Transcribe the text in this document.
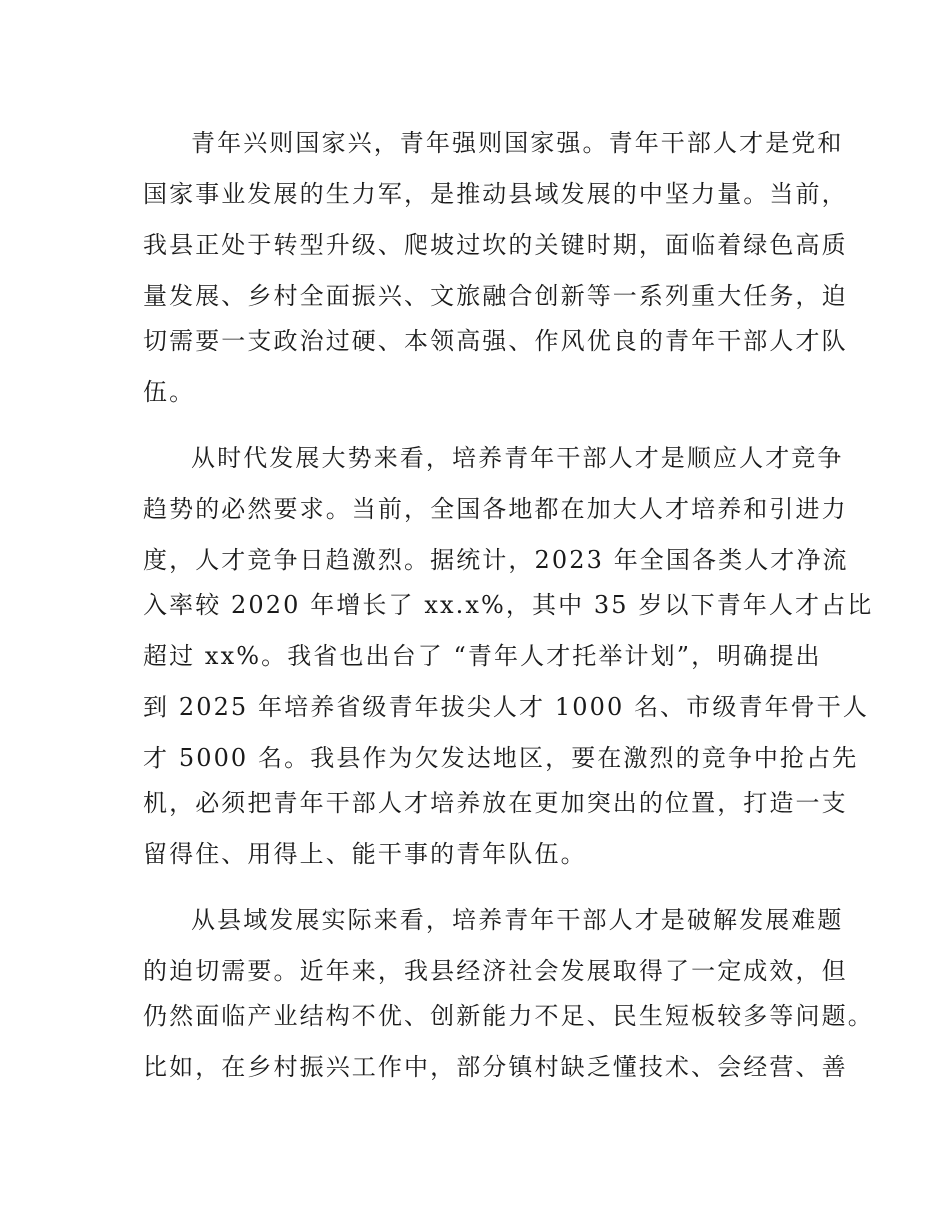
青年兴则国家兴，青年强则国家强。青年干部人才是党和
国家事业发展的生力军，是推动县域发展的中坚力量。当前，
我县正处于转型升级、爬坡过坎的关键时期，面临着绿色高质
量发展、乡村全面振兴、文旅融合创新等一系列重大任务，迫
切需要一支政治过硬、本领高强、作风优良的青年干部人才队
伍。
从时代发展大势来看，培养青年干部人才是顺应人才竞争
趋势的必然要求。当前，全国各地都在加大人才培养和引进力
度，人才竞争日趋激烈。据统计，2023 年全国各类人才净流
入率较 2020 年增长了 xx.x%，其中 35 岁以下青年人才占比
超过 xx%。我省也出台了 “青年人才托举计划”，明确提出
到 2025 年培养省级青年拔尖人才 1000 名、市级青年骨干人
才 5000 名。我县作为欠发达地区，要在激烈的竞争中抢占先
机，必须把青年干部人才培养放在更加突出的位置，打造一支
留得住、用得上、能干事的青年队伍。
从县域发展实际来看，培养青年干部人才是破解发展难题
的迫切需要。近年来，我县经济社会发展取得了一定成效，但
仍然面临产业结构不优、创新能力不足、民生短板较多等问题。
比如，在乡村振兴工作中，部分镇村缺乏懂技术、会经营、善
